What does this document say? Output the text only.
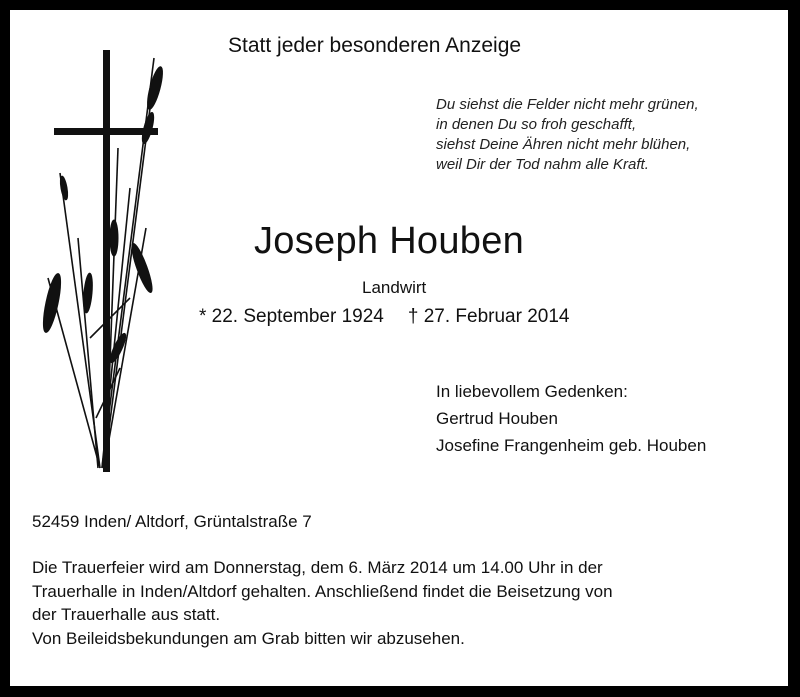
Statt jeder besonderen Anzeige
Du siehst die Felder nicht mehr grünen,
in denen Du so froh geschafft,
siehst Deine Ähren nicht mehr blühen,
weil Dir der Tod nahm alle Kraft.
Joseph Houben
Landwirt
* 22. September 1924 † 27. Februar 2014
In liebevollem Gedenken:
Gertrud Houben
Josefine Frangenheim geb. Houben
52459 Inden/ Altdorf, Grüntalstraße 7
Die Trauerfeier wird am Donnerstag, dem 6. März 2014 um 14.00 Uhr in der
Trauerhalle in Inden/Altdorf gehalten. Anschließend findet die Beisetzung von
der Trauerhalle aus statt.
Von Beileidsbekundungen am Grab bitten wir abzusehen.
